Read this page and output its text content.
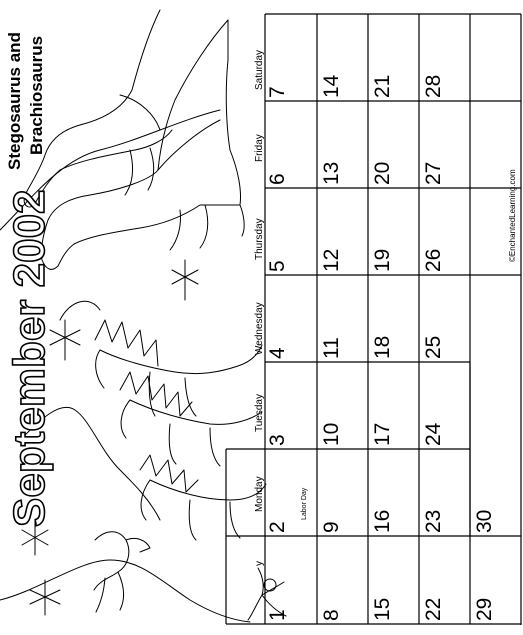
September 2002
Stegosaurus and Brachiosaurus
©EnchantedLearning.com
Saturday
Friday
Thursday
Wednesday
Tuesday
Monday
y
1
2
3
4
5
6
7
Labor Day
8
9
10
11
12
13
14
15
16
17
18
19
20
21
22
23
24
25
26
27
28
29
30
